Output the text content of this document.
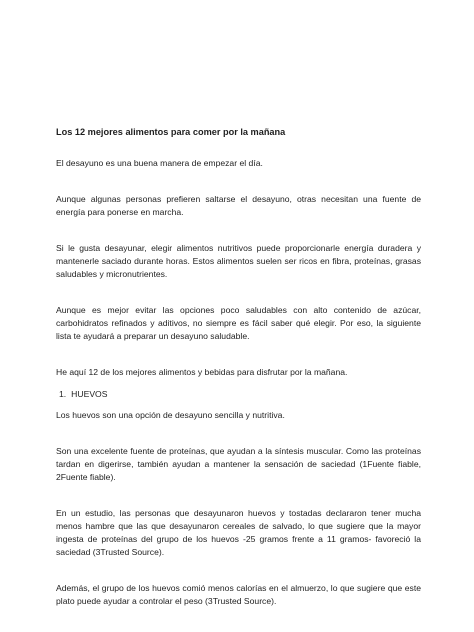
Los 12 mejores alimentos para comer por la mañana

El desayuno es una buena manera de empezar el día.

Aunque algunas personas prefieren saltarse el desayuno, otras necesitan una fuente de energía para ponerse en marcha.

Si le gusta desayunar, elegir alimentos nutritivos puede proporcionarle energía duradera y mantenerle saciado durante horas. Estos alimentos suelen ser ricos en fibra, proteínas, grasas saludables y micronutrientes.

Aunque es mejor evitar las opciones poco saludables con alto contenido de azúcar, carbohidratos refinados y aditivos, no siempre es fácil saber qué elegir. Por eso, la siguiente lista te ayudará a preparar un desayuno saludable.

He aquí 12 de los mejores alimentos y bebidas para disfrutar por la mañana.

1. HUEVOS

Los huevos son una opción de desayuno sencilla y nutritiva.

Son una excelente fuente de proteínas, que ayudan a la síntesis muscular. Como las proteínas tardan en digerirse, también ayudan a mantener la sensación de saciedad (1Fuente fiable, 2Fuente fiable).

En un estudio, las personas que desayunaron huevos y tostadas declararon tener mucha menos hambre que las que desayunaron cereales de salvado, lo que sugiere que la mayor ingesta de proteínas del grupo de los huevos -25 gramos frente a 11 gramos- favoreció la saciedad (3Trusted Source).

Además, el grupo de los huevos comió menos calorías en el almuerzo, lo que sugiere que este plato puede ayudar a controlar el peso (3Trusted Source).
